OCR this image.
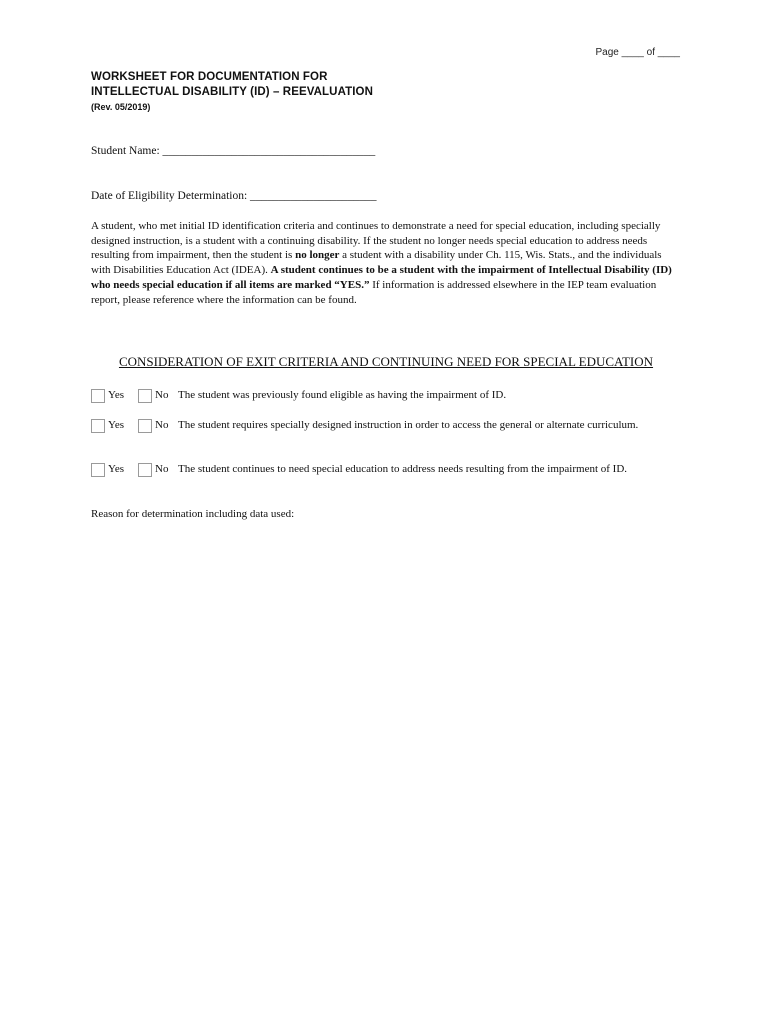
Page ____ of ____
WORKSHEET FOR DOCUMENTATION FOR
INTELLECTUAL DISABILITY (ID) – REEVALUATION
(Rev. 05/2019)
Student Name: _____________________________________
Date of Eligibility Determination: ______________________
A student, who met initial ID identification criteria and continues to demonstrate a need for special education, including specially designed instruction, is a student with a continuing disability. If the student no longer needs special education to address needs resulting from impairment, then the student is no longer a student with a disability under Ch. 115, Wis. Stats., and the individuals with Disabilities Education Act (IDEA). A student continues to be a student with the impairment of Intellectual Disability (ID) who needs special education if all items are marked “YES.” If information is addressed elsewhere in the IEP team evaluation report, please reference where the information can be found.
CONSIDERATION OF EXIT CRITERIA AND CONTINUING NEED FOR SPECIAL EDUCATION
Yes	No The student was previously found eligible as having the impairment of ID.
Yes	No The student requires specially designed instruction in order to access the general or alternate curriculum.
Yes	No The student continues to need special education to address needs resulting from the impairment of ID.
Reason for determination including data used:
